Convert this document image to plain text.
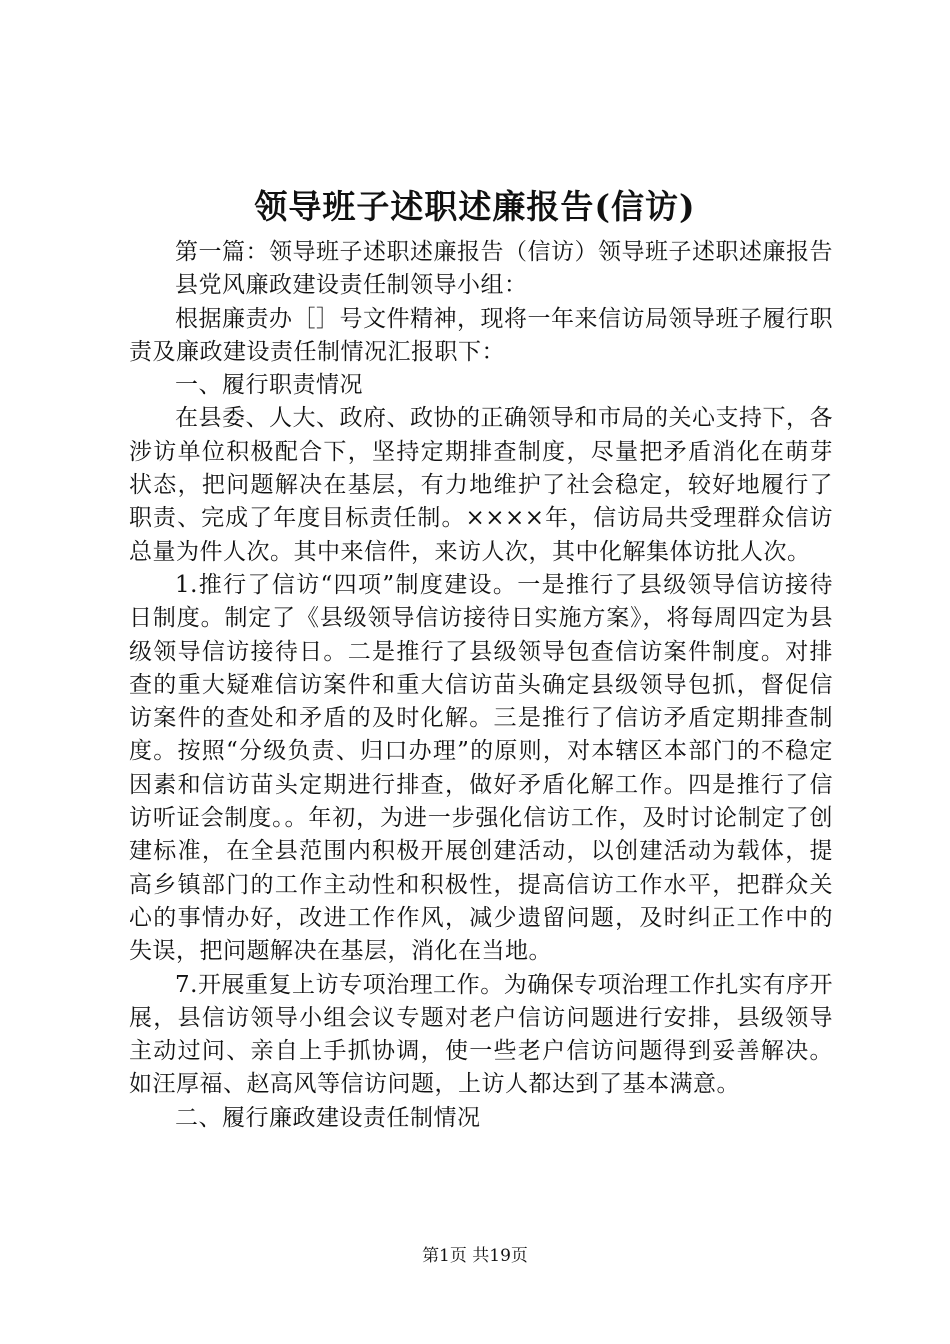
领导班子述职述廉报告(信访)

第一篇：领导班子述职述廉报告（信访）领导班子述职述廉报告

县党风廉政建设责任制领导小组：

根据廉责办［］号文件精神，现将一年来信访局领导班子履行职责及廉政建设责任制情况汇报职下：

一、履行职责情况

在县委、人大、政府、政协的正确领导和市局的关心支持下，各涉访单位积极配合下，坚持定期排查制度，尽量把矛盾消化在萌芽状态，把问题解决在基层，有力地维护了社会稳定，较好地履行了职责、完成了年度目标责任制。××××年，信访局共受理群众信访总量为件人次。其中来信件，来访人次，其中化解集体访批人次。

1.推行了信访“四项”制度建设。一是推行了县级领导信访接待日制度。制定了《县级领导信访接待日实施方案》，将每周四定为县级领导信访接待日。二是推行了县级领导包查信访案件制度。对排查的重大疑难信访案件和重大信访苗头确定县级领导包抓，督促信访案件的查处和矛盾的及时化解。三是推行了信访矛盾定期排查制度。按照“分级负责、归口办理”的原则，对本辖区本部门的不稳定因素和信访苗头定期进行排查，做好矛盾化解工作。四是推行了信访听证会制度。。年初，为进一步强化信访工作，及时讨论制定了创建标准，在全县范围内积极开展创建活动，以创建活动为载体，提高乡镇部门的工作主动性和积极性，提高信访工作水平，把群众关心的事情办好，改进工作作风，减少遗留问题，及时纠正工作中的失误，把问题解决在基层，消化在当地。

7.开展重复上访专项治理工作。为确保专项治理工作扎实有序开展，县信访领导小组会议专题对老户信访问题进行安排，县级领导主动过问、亲自上手抓协调，使一些老户信访问题得到妥善解决。如汪厚福、赵高风等信访问题，上访人都达到了基本满意。

二、履行廉政建设责任制情况

第1页 共19页
